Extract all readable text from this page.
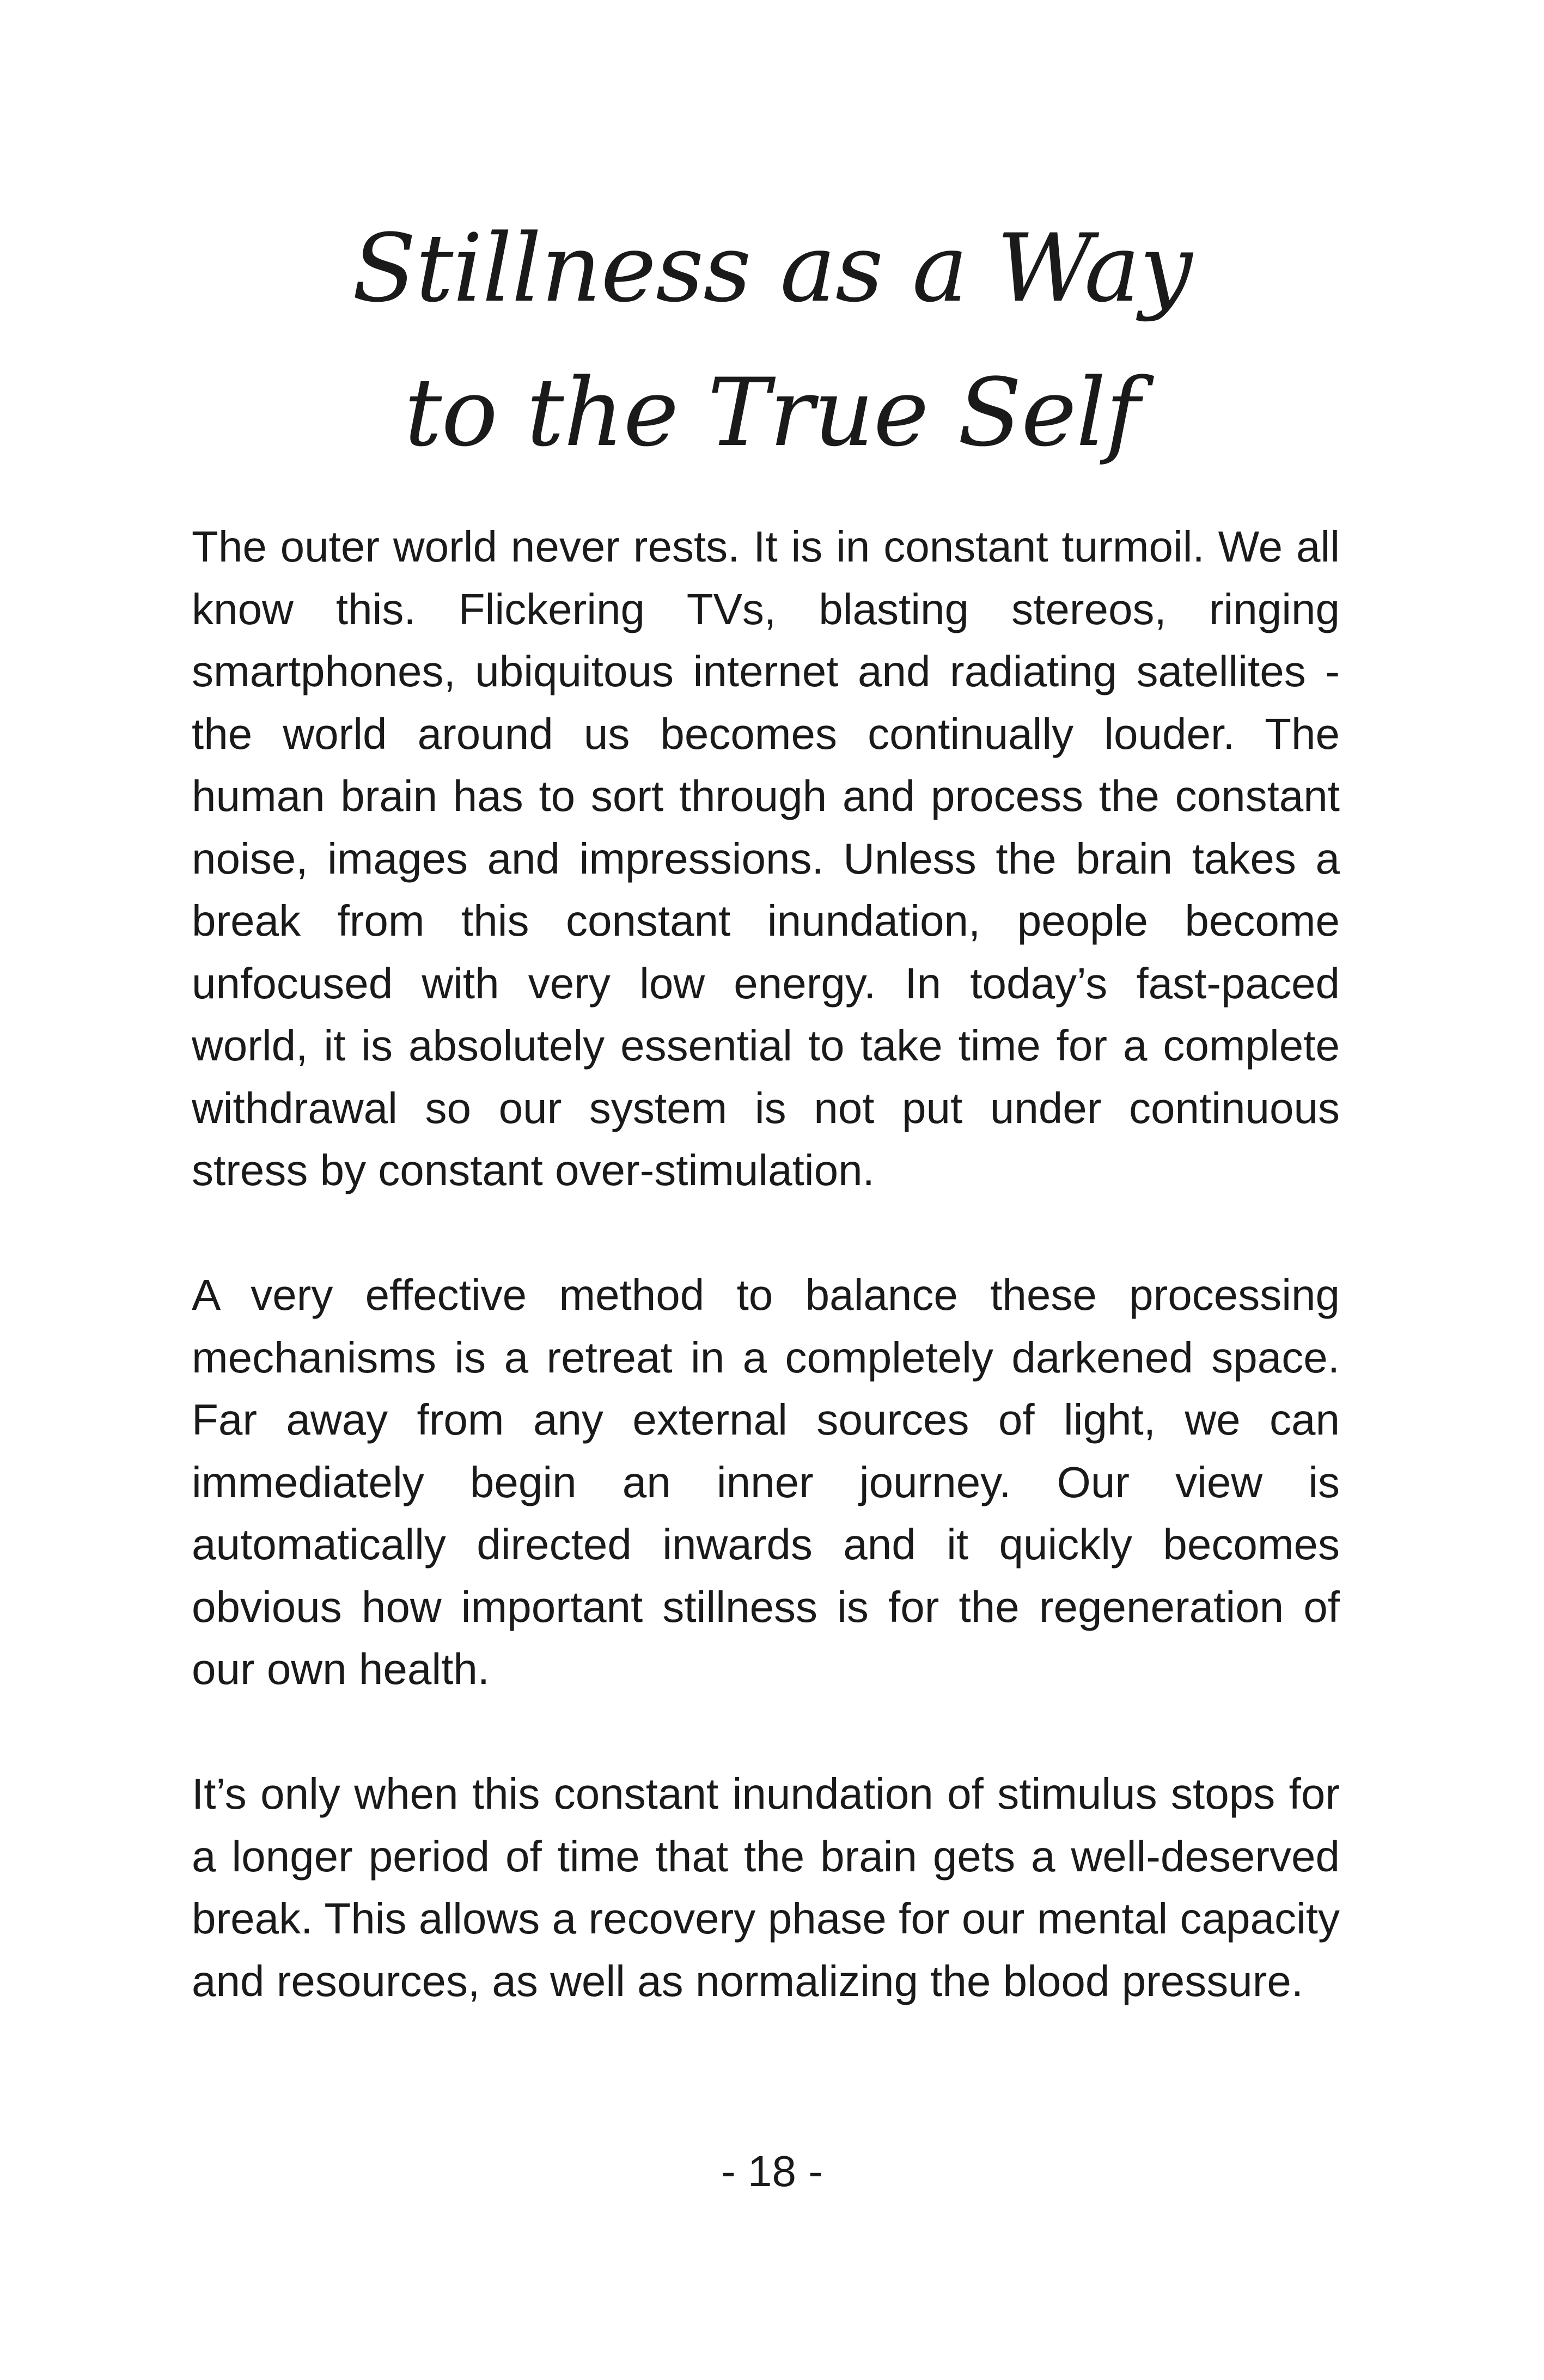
Stillness as a Way
to the True Self

The outer world never rests. It is in constant turmoil. We all know this. Flickering TVs, blasting stereos, ringing smartphones, ubiquitous internet and radiating satellites - the world around us becomes continually louder. The human brain has to sort through and process the constant noise, images and impressions. Unless the brain takes a break from this constant inundation, people become unfocused with very low energy. In today’s fast-paced world, it is absolutely essential to take time for a complete withdrawal so our system is not put under continuous stress by constant over-stimulation.

A very effective method to balance these processing mechanisms is a retreat in a completely darkened space. Far away from any external sources of light, we can immediately begin an inner journey. Our view is automatically directed inwards and it quickly becomes obvious how important stillness is for the regeneration of our own health.

It’s only when this constant inundation of stimulus stops for a longer period of time that the brain gets a well-deserved break. This allows a recovery phase for our mental capacity and resources, as well as normalizing the blood pressure.

- 18 -
